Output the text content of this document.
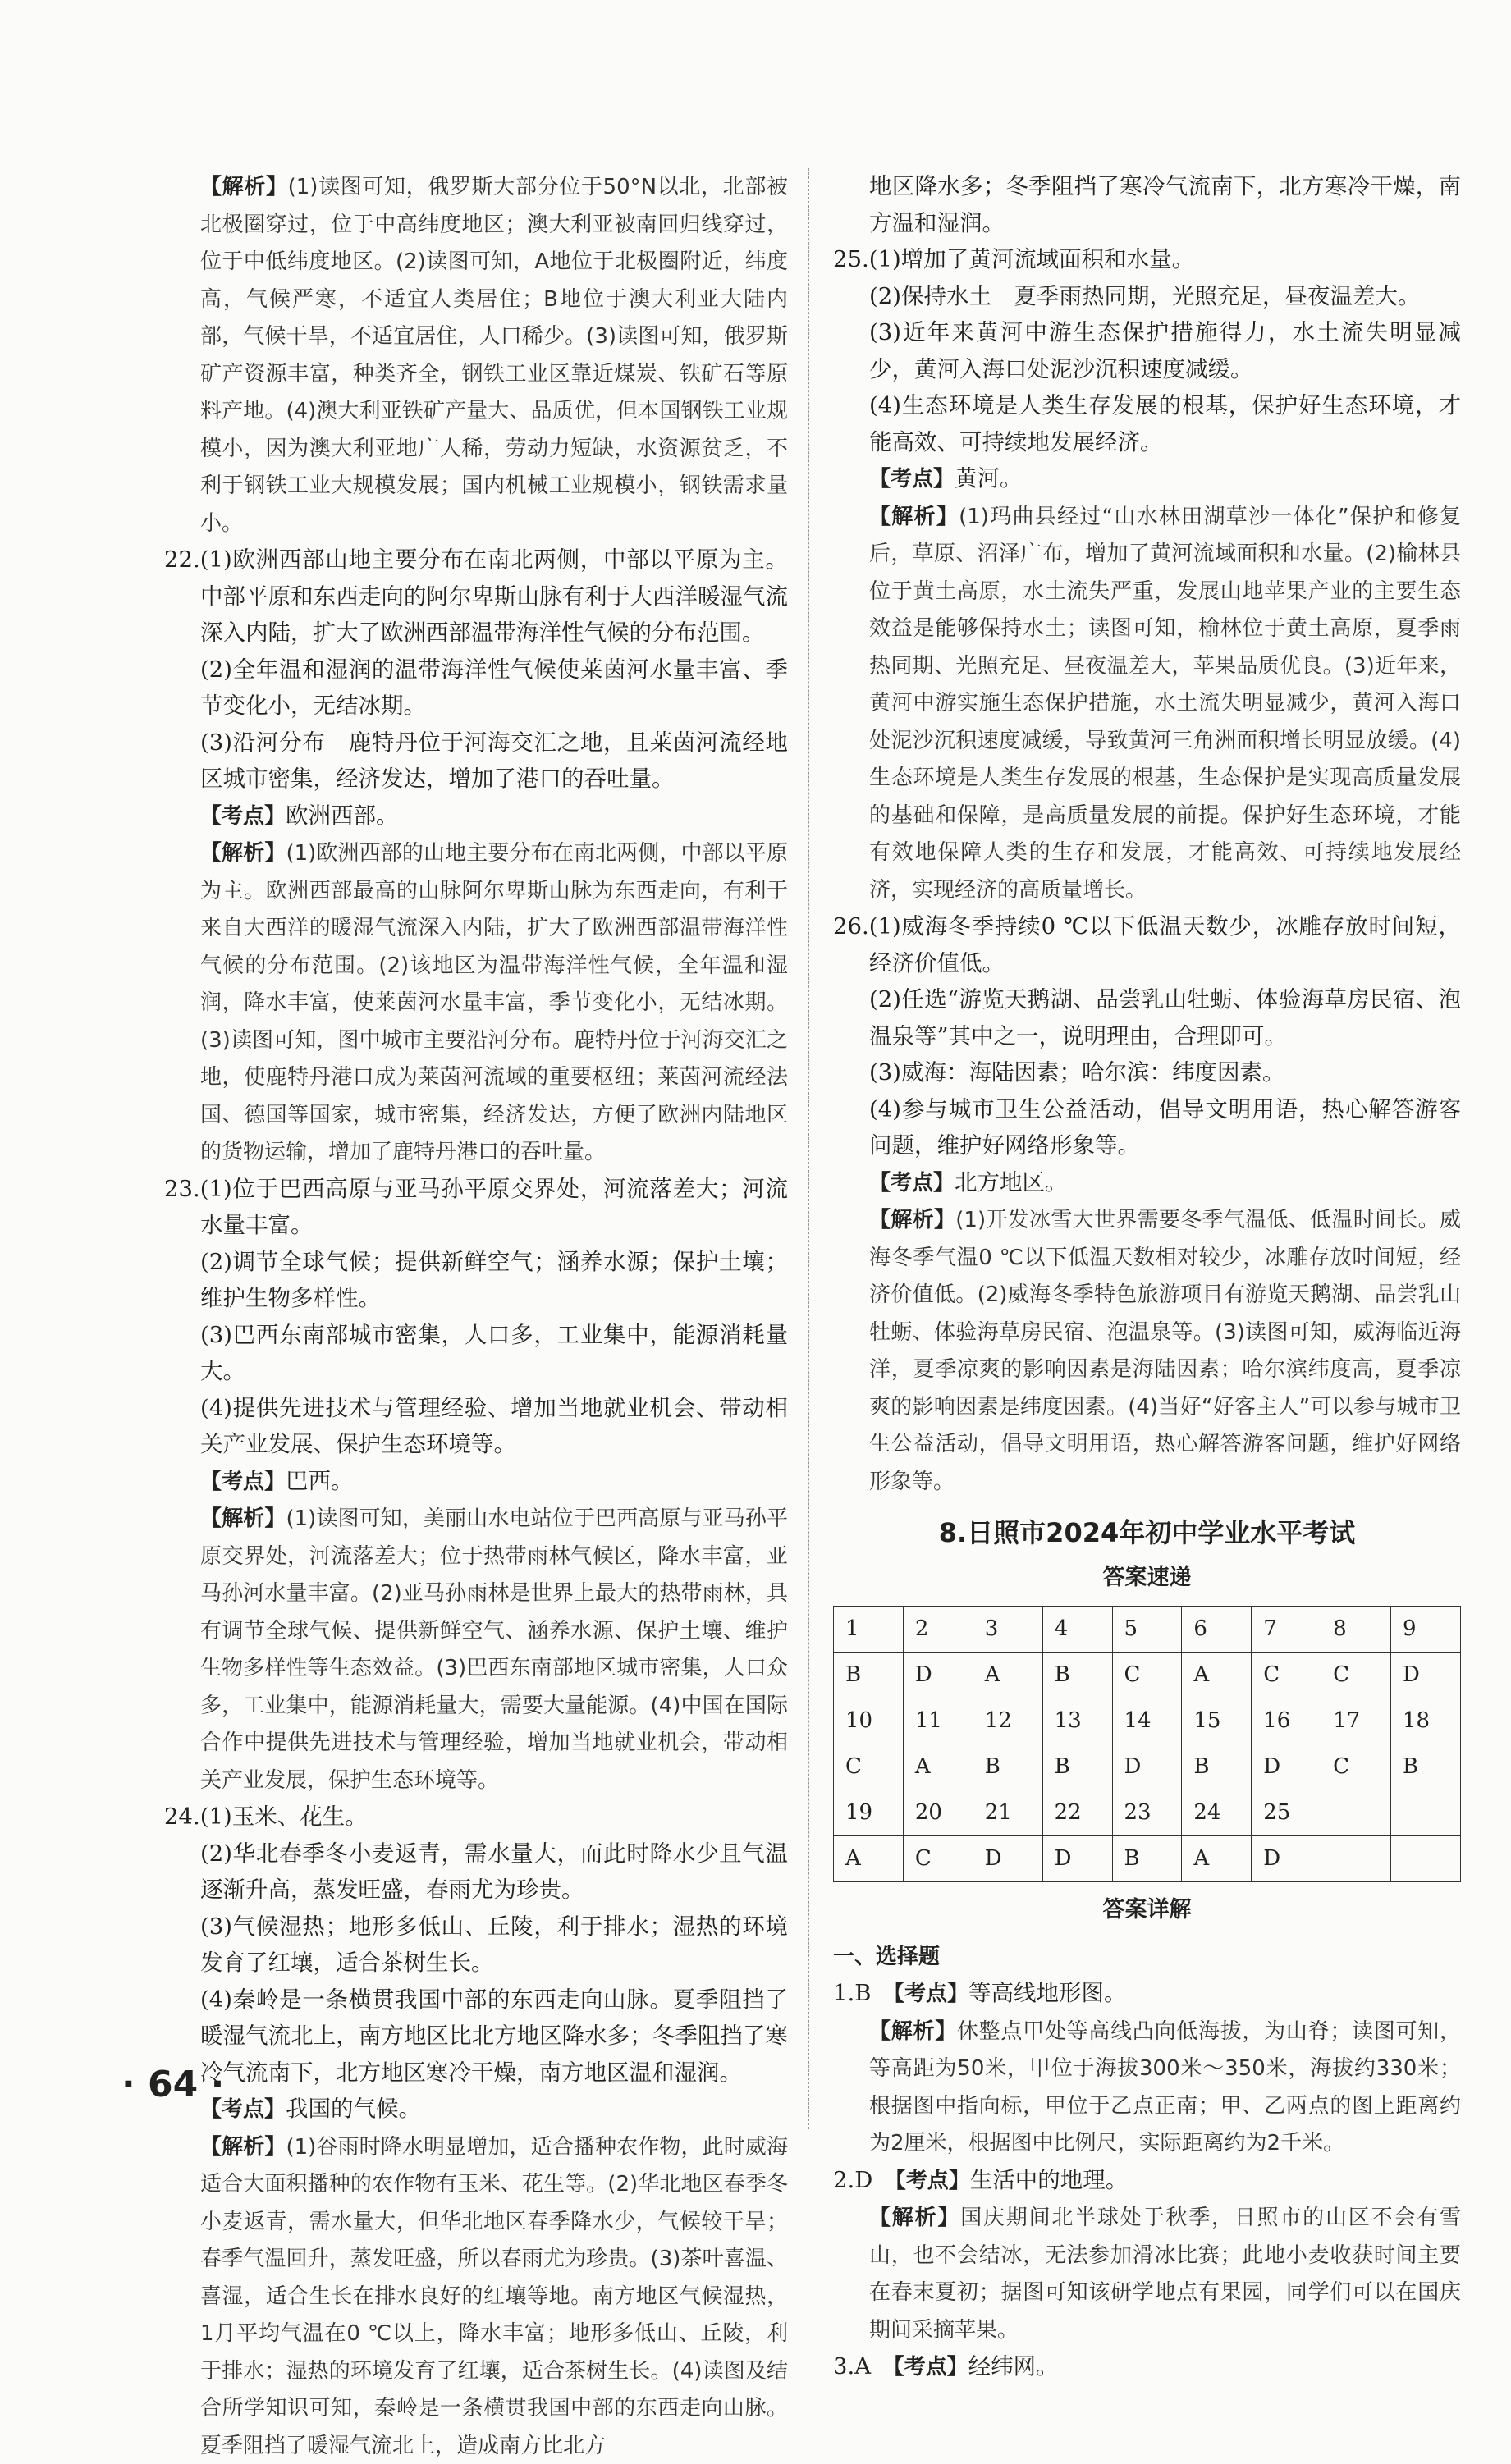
【解析】(1)读图可知，俄罗斯大部分位于50°N以北，北部被北极圈穿过，位于中高纬度地区；澳大利亚被南回归线穿过，位于中低纬度地区。(2)读图可知，A地位于北极圈附近，纬度高，气候严寒，不适宜人类居住；B地位于澳大利亚大陆内部，气候干旱，不适宜居住，人口稀少。(3)读图可知，俄罗斯矿产资源丰富，种类齐全，钢铁工业区靠近煤炭、铁矿石等原料产地。(4)澳大利亚铁矿产量大、品质优，但本国钢铁工业规模小，因为澳大利亚地广人稀，劳动力短缺，水资源贫乏，不利于钢铁工业大规模发展；国内机械工业规模小，钢铁需求量小。

22.(1)欧洲西部山地主要分布在南北两侧，中部以平原为主。中部平原和东西走向的阿尔卑斯山脉有利于大西洋暖湿气流深入内陆，扩大了欧洲西部温带海洋性气候的分布范围。

(2)全年温和湿润的温带海洋性气候使莱茵河水量丰富、季节变化小，无结冰期。

(3)沿河分布　鹿特丹位于河海交汇之地，且莱茵河流经地区城市密集，经济发达，增加了港口的吞吐量。

【考点】欧洲西部。

【解析】(1)欧洲西部的山地主要分布在南北两侧，中部以平原为主。欧洲西部最高的山脉阿尔卑斯山脉为东西走向，有利于来自大西洋的暖湿气流深入内陆，扩大了欧洲西部温带海洋性气候的分布范围。(2)该地区为温带海洋性气候，全年温和湿润，降水丰富，使莱茵河水量丰富，季节变化小，无结冰期。(3)读图可知，图中城市主要沿河分布。鹿特丹位于河海交汇之地，使鹿特丹港口成为莱茵河流域的重要枢纽；莱茵河流经法国、德国等国家，城市密集，经济发达，方便了欧洲内陆地区的货物运输，增加了鹿特丹港口的吞吐量。

23.(1)位于巴西高原与亚马孙平原交界处，河流落差大；河流水量丰富。

(2)调节全球气候；提供新鲜空气；涵养水源；保护土壤；维护生物多样性。

(3)巴西东南部城市密集，人口多，工业集中，能源消耗量大。

(4)提供先进技术与管理经验、增加当地就业机会、带动相关产业发展、保护生态环境等。

【考点】巴西。

【解析】(1)读图可知，美丽山水电站位于巴西高原与亚马孙平原交界处，河流落差大；位于热带雨林气候区，降水丰富，亚马孙河水量丰富。(2)亚马孙雨林是世界上最大的热带雨林，具有调节全球气候、提供新鲜空气、涵养水源、保护土壤、维护生物多样性等生态效益。(3)巴西东南部地区城市密集，人口众多，工业集中，能源消耗量大，需要大量能源。(4)中国在国际合作中提供先进技术与管理经验，增加当地就业机会，带动相关产业发展，保护生态环境等。

24.(1)玉米、花生。

(2)华北春季冬小麦返青，需水量大，而此时降水少且气温逐渐升高，蒸发旺盛，春雨尤为珍贵。

(3)气候湿热；地形多低山、丘陵，利于排水；湿热的环境发育了红壤，适合茶树生长。

(4)秦岭是一条横贯我国中部的东西走向山脉。夏季阻挡了暖湿气流北上，南方地区比北方地区降水多；冬季阻挡了寒冷气流南下，北方地区寒冷干燥，南方地区温和湿润。

【考点】我国的气候。

【解析】(1)谷雨时降水明显增加，适合播种农作物，此时威海适合大面积播种的农作物有玉米、花生等。(2)华北地区春季冬小麦返青，需水量大，但华北地区春季降水少，气候较干旱；春季气温回升，蒸发旺盛，所以春雨尤为珍贵。(3)茶叶喜温、喜湿，适合生长在排水良好的红壤等地。南方地区气候湿热，1月平均气温在0 ℃以上，降水丰富；地形多低山、丘陵，利于排水；湿热的环境发育了红壤，适合茶树生长。(4)读图及结合所学知识可知，秦岭是一条横贯我国中部的东西走向山脉。夏季阻挡了暖湿气流北上，造成南方比北方

地区降水多；冬季阻挡了寒冷气流南下，北方寒冷干燥，南方温和湿润。

25.(1)增加了黄河流域面积和水量。

(2)保持水土　夏季雨热同期，光照充足，昼夜温差大。

(3)近年来黄河中游生态保护措施得力，水土流失明显减少，黄河入海口处泥沙沉积速度减缓。

(4)生态环境是人类生存发展的根基，保护好生态环境，才能高效、可持续地发展经济。

【考点】黄河。

【解析】(1)玛曲县经过“山水林田湖草沙一体化”保护和修复后，草原、沼泽广布，增加了黄河流域面积和水量。(2)榆林县位于黄土高原，水土流失严重，发展山地苹果产业的主要生态效益是能够保持水土；读图可知，榆林位于黄土高原，夏季雨热同期、光照充足、昼夜温差大，苹果品质优良。(3)近年来，黄河中游实施生态保护措施，水土流失明显减少，黄河入海口处泥沙沉积速度减缓，导致黄河三角洲面积增长明显放缓。(4)生态环境是人类生存发展的根基，生态保护是实现高质量发展的基础和保障，是高质量发展的前提。保护好生态环境，才能有效地保障人类的生存和发展，才能高效、可持续地发展经济，实现经济的高质量增长。

26.(1)威海冬季持续0 ℃以下低温天数少，冰雕存放时间短，经济价值低。

(2)任选“游览天鹅湖、品尝乳山牡蛎、体验海草房民宿、泡温泉等”其中之一，说明理由，合理即可。

(3)威海：海陆因素；哈尔滨：纬度因素。

(4)参与城市卫生公益活动，倡导文明用语，热心解答游客问题，维护好网络形象等。

【考点】北方地区。

【解析】(1)开发冰雪大世界需要冬季气温低、低温时间长。威海冬季气温0 ℃以下低温天数相对较少，冰雕存放时间短，经济价值低。(2)威海冬季特色旅游项目有游览天鹅湖、品尝乳山牡蛎、体验海草房民宿、泡温泉等。(3)读图可知，威海临近海洋，夏季凉爽的影响因素是海陆因素；哈尔滨纬度高，夏季凉爽的影响因素是纬度因素。(4)当好“好客主人”可以参与城市卫生公益活动，倡导文明用语，热心解答游客问题，维护好网络形象等。

8.日照市2024年初中学业水平考试
答案速递
1	2	3	4	5	6	7	8	9
B	D	A	B	C	A	C	C	D
10	11	12	13	14	15	16	17	18
C	A	B	B	D	B	D	C	B
19	20	21	22	23	24	25		
A	C	D	D	B	A	D		
答案详解
一、选择题

1.B　【考点】等高线地形图。

【解析】休整点甲处等高线凸向低海拔，为山脊；读图可知，等高距为50米，甲位于海拔300米～350米，海拔约330米；根据图中指向标，甲位于乙点正南；甲、乙两点的图上距离约为2厘米，根据图中比例尺，实际距离约为2千米。

2.D　【考点】生活中的地理。

【解析】国庆期间北半球处于秋季，日照市的山区不会有雪山，也不会结冰，无法参加滑冰比赛；此地小麦收获时间主要在春末夏初；据图可知该研学地点有果园，同学们可以在国庆期间采摘苹果。

3.A　【考点】经纬网。

· 64 ·
